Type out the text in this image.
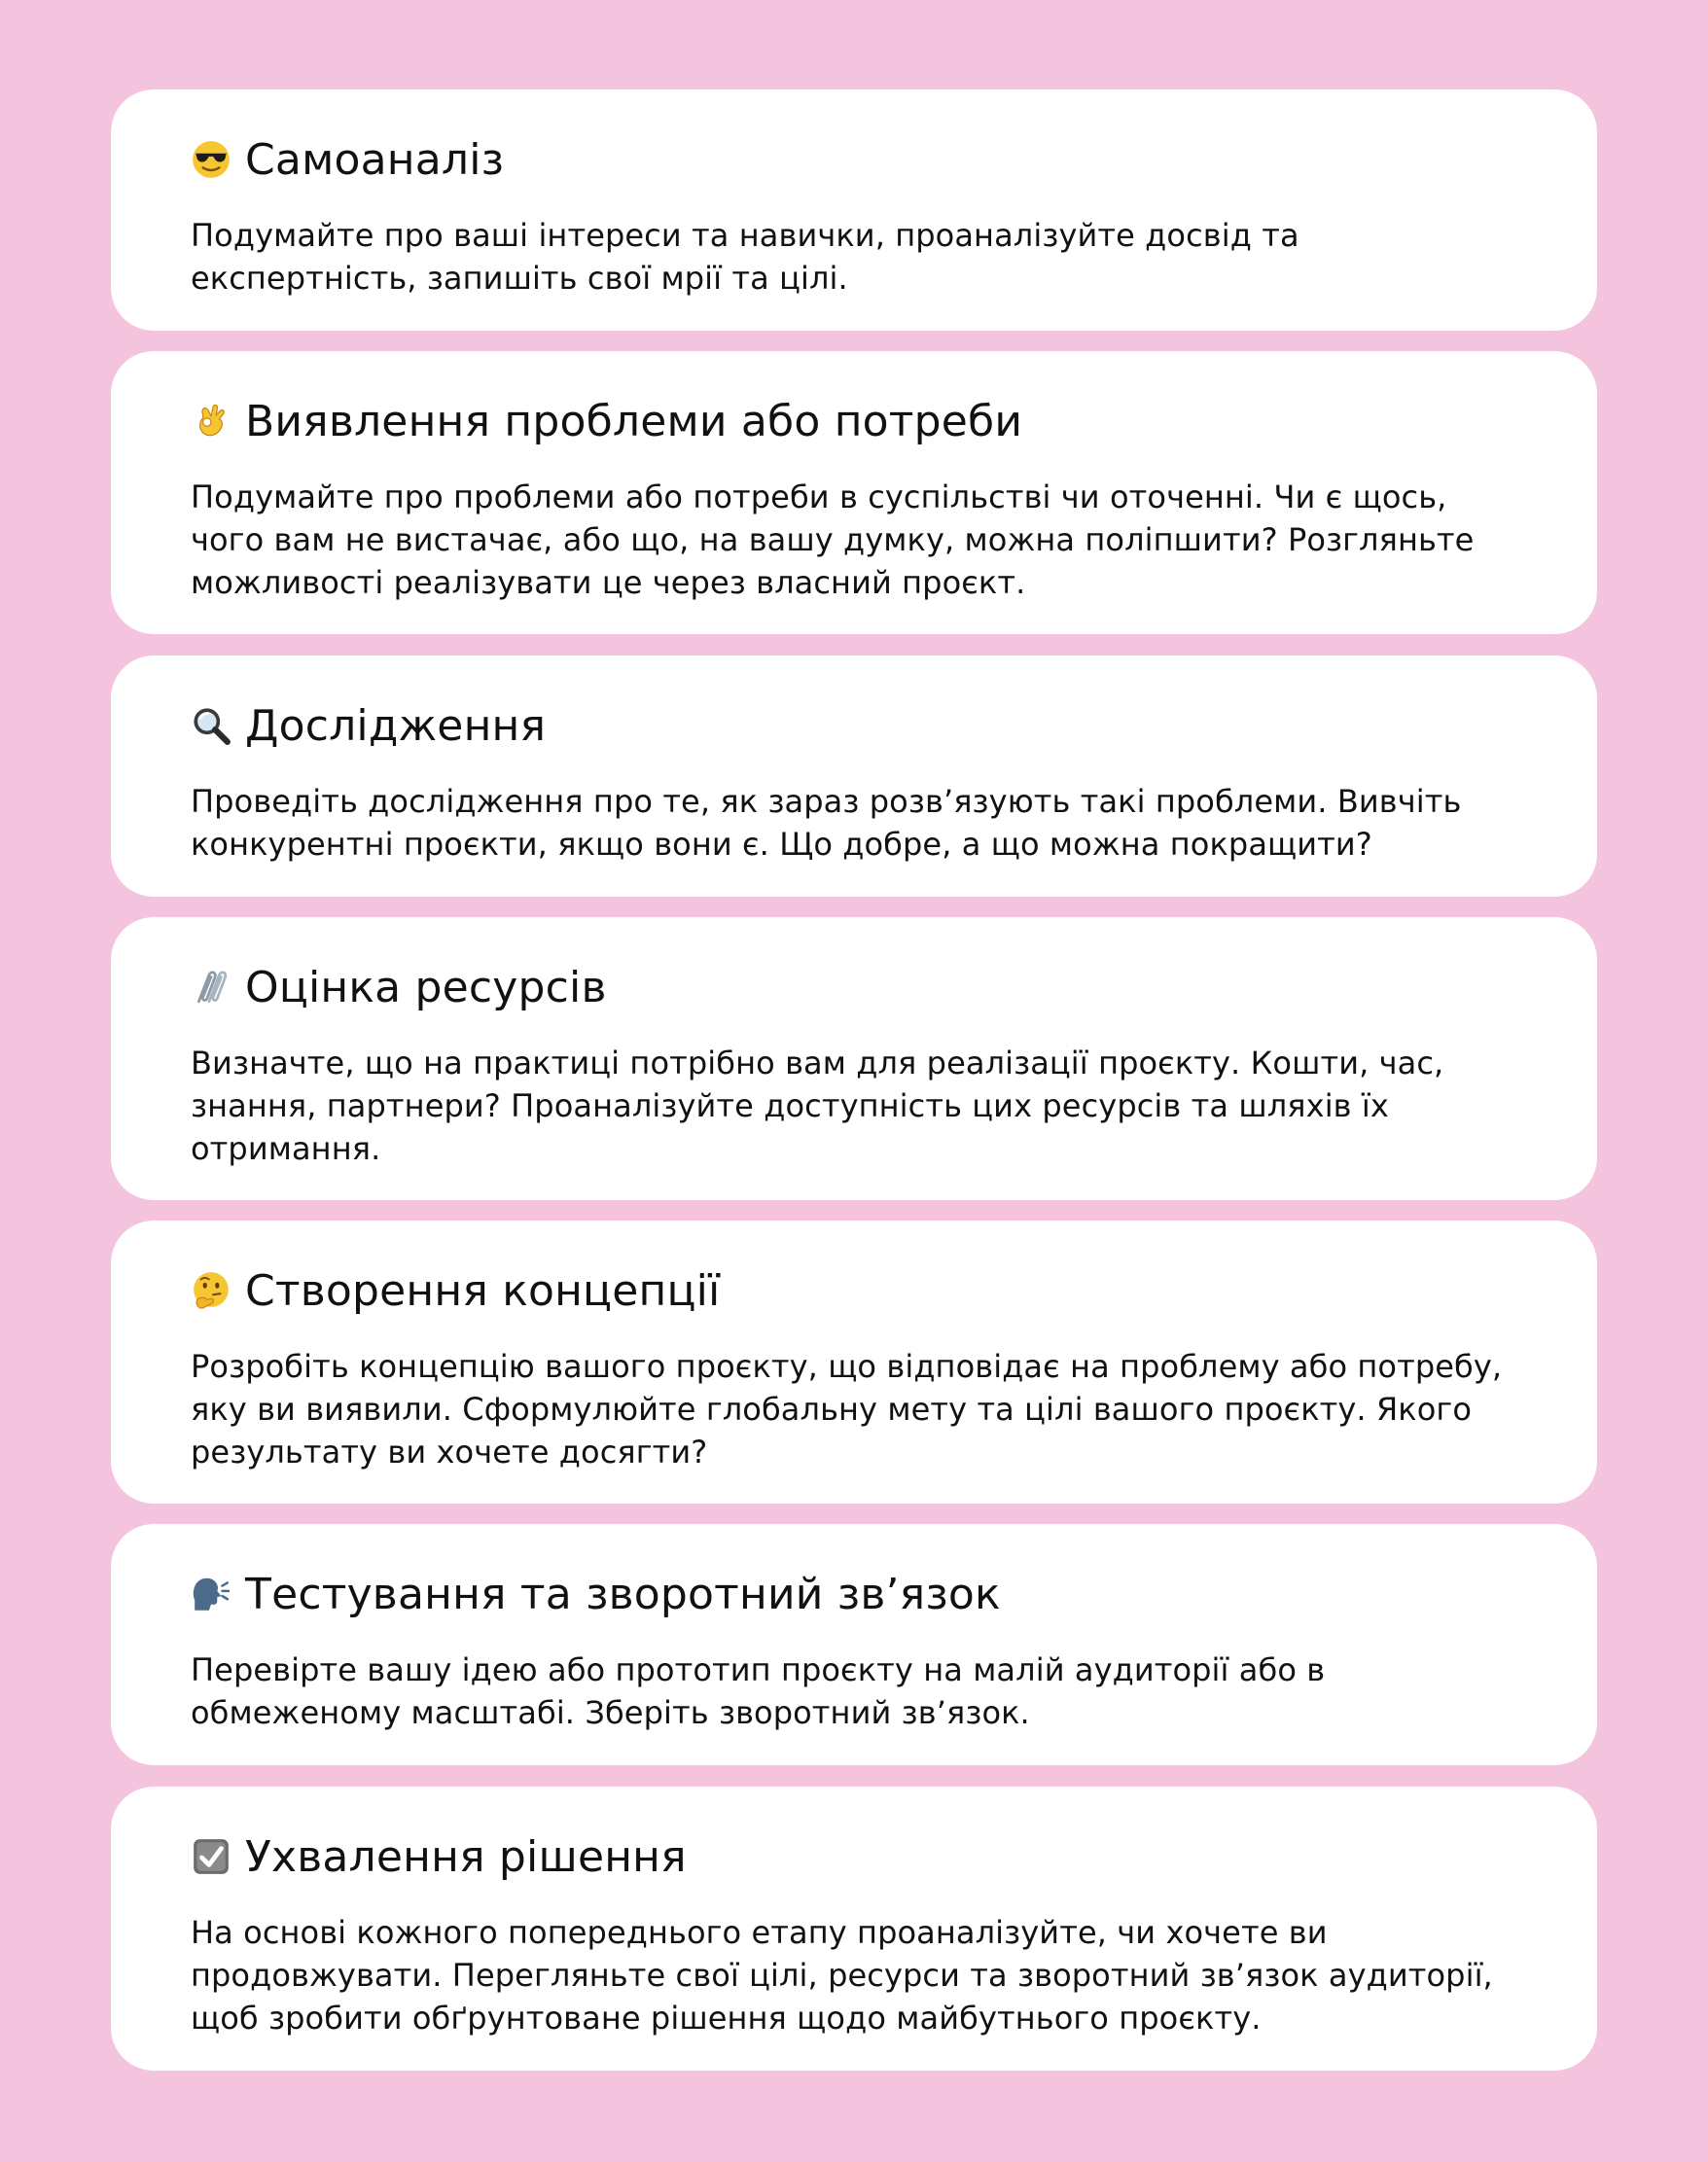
Самоаналіз
Подумайте про ваші інтереси та навички, проаналізуйте досвід та експертність, запишіть свої мрії та цілі.
Виявлення проблеми або потреби
Подумайте про проблеми або потреби в суспільстві чи оточенні. Чи є щось, чого вам не вистачає, або що, на вашу думку, можна поліпшити? Розгляньте можливості реалізувати це через власний проєкт.
Дослідження
Проведіть дослідження про те, як зараз розв’язують такі проблеми. Вивчіть конкурентні проєкти, якщо вони є. Що добре, а що можна покращити?
Оцінка ресурсів
Визначте, що на практиці потрібно вам для реалізації проєкту. Кошти, час, знання, партнери? Проаналізуйте доступність цих ресурсів та шляхів їх отримання.
Створення концепції
Розробіть концепцію вашого проєкту, що відповідає на проблему або потребу, яку ви виявили. Сформулюйте глобальну мету та цілі вашого проєкту. Якого результату ви хочете досягти?
Тестування та зворотний зв’язок
Перевірте вашу ідею або прототип проєкту на малій аудиторії або в обмеженому масштабі. Зберіть зворотний зв’язок.
Ухвалення рішення
На основі кожного попереднього етапу проаналізуйте, чи хочете ви продовжувати. Перегляньте свої цілі, ресурси та зворотний зв’язок аудиторії, щоб зробити обґрунтоване рішення щодо майбутнього проєкту.
